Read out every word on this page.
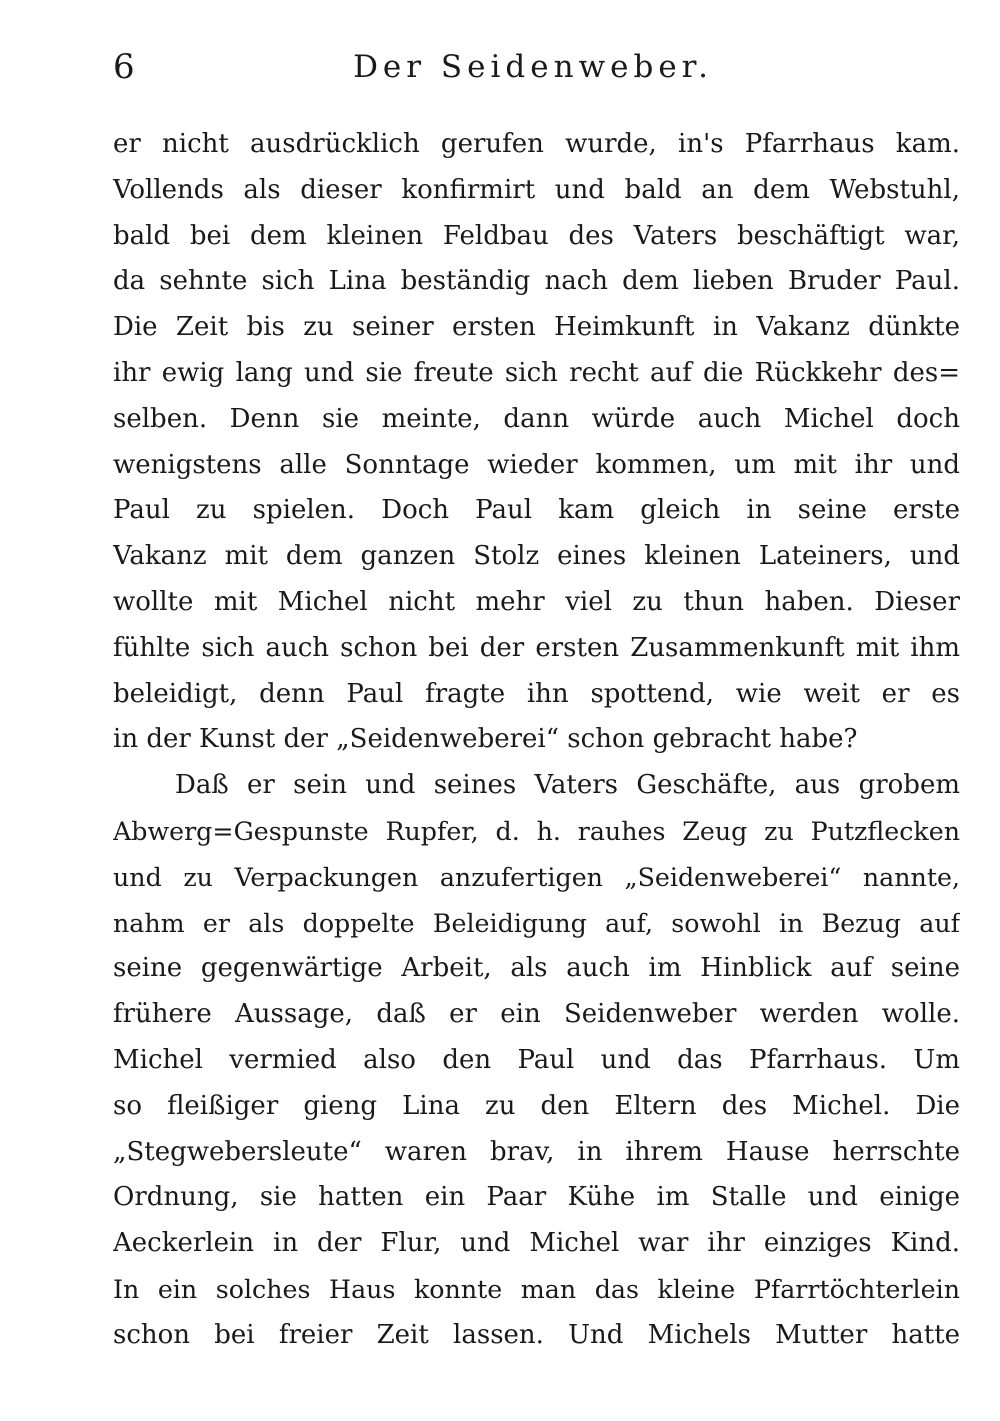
6	Der Seidenweber.
er nicht ausdrücklich gerufen wurde, in's Pfarrhaus kam.
Vollends als dieser konfirmirt und bald an dem Webstuhl,
bald bei dem kleinen Feldbau des Vaters beschäftigt war,
da sehnte sich Lina beständig nach dem lieben Bruder Paul.
Die Zeit bis zu seiner ersten Heimkunft in Vakanz dünkte
ihr ewig lang und sie freute sich recht auf die Rückkehr des=
selben. Denn sie meinte, dann würde auch Michel doch
wenigstens alle Sonntage wieder kommen, um mit ihr und
Paul zu spielen. Doch Paul kam gleich in seine erste
Vakanz mit dem ganzen Stolz eines kleinen Lateiners, und
wollte mit Michel nicht mehr viel zu thun haben. Dieser
fühlte sich auch schon bei der ersten Zusammenkunft mit ihm
beleidigt, denn Paul fragte ihn spottend, wie weit er es
in der Kunst der „Seidenweberei“ schon gebracht habe?
Daß er sein und seines Vaters Geschäfte, aus grobem
Abwerg=Gespunste Rupfer, d. h. rauhes Zeug zu Putzflecken
und zu Verpackungen anzufertigen „Seidenweberei“ nannte,
nahm er als doppelte Beleidigung auf, sowohl in Bezug auf
seine gegenwärtige Arbeit, als auch im Hinblick auf seine
frühere Aussage, daß er ein Seidenweber werden wolle.
Michel vermied also den Paul und das Pfarrhaus. Um
so fleißiger gieng Lina zu den Eltern des Michel. Die
„Stegwebersleute“ waren brav, in ihrem Hause herrschte
Ordnung, sie hatten ein Paar Kühe im Stalle und einige
Aeckerlein in der Flur, und Michel war ihr einziges Kind.
In ein solches Haus konnte man das kleine Pfarrtöchterlein
schon bei freier Zeit lassen. Und Michels Mutter hatte
